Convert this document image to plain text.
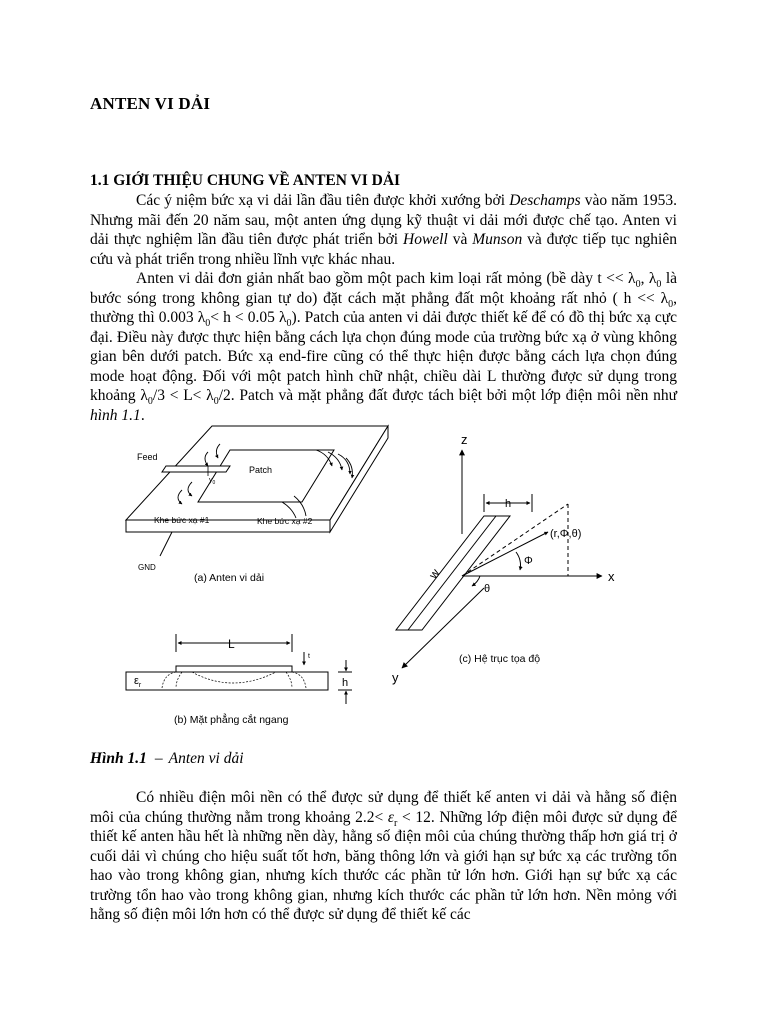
ANTEN VI DẢI
1.1 GIỚI THIỆU CHUNG VỀ ANTEN VI DẢI

Các ý niệm bức xạ vi dải lần đầu tiên được khởi xướng bởi Deschamps vào năm 1953. Nhưng mãi đến 20 năm sau, một anten ứng dụng kỹ thuật vi dải mới được chế tạo. Anten vi dải thực nghiệm lần đầu tiên được phát triển bởi Howell và Munson và được tiếp tục nghiên cứu và phát triển trong nhiều lĩnh vực khác nhau.

Anten vi dải đơn giản nhất bao gồm một pach kim loại rất mỏng (bề dày $t << \lambda_0$, $\lambda_0$ là bước sóng trong không gian tự do) đặt cách mặt phẳng đất một khoảng rất nhỏ ( $h << \lambda_0$, thường thì 0.003 $\lambda_0< h < 0.05$ $\lambda_0$). Patch của anten vi dải được thiết kế để có đồ thị bức xạ cực đại. Điều này được thực hiện bằng cách lựa chọn đúng mode của trường bức xạ ở vùng không gian bên dưới patch. Bức xạ end-fire cũng có thể thực hiện được bằng cách lựa chọn đúng mode hoạt động. Đối với một patch hình chữ nhật, chiều dài L thường được sử dụng trong khoảng $\lambda_0/3 < L< \lambda_0/2$. Patch và mặt phẳng đất được tách biệt bởi một lớp điện môi nền như hình 1.1.

Feed
Patch
$y_0$
Khe bức xạ #1	Khe bức xạ #2
GND
(a) Anten vi dải
L
t
$\varepsilon_r$	h
(b) Mặt phẳng cắt ngang
z
h
(r,Φ,θ)
w
Φ
θ
x
y
(c) Hệ trục tọa độ

Hình 1.1 – Anten vi dải

Có nhiều điện môi nền có thể được sử dụng để thiết kế anten vi dải và hằng số điện môi của chúng thường nằm trong khoảng $2.2< \varepsilon_r < 12$. Những lớp điện môi được sử dụng để thiết kế anten hầu hết là những nền dày, hằng số điện môi của chúng thường thấp hơn giá trị ở cuối dải vì chúng cho hiệu suất tốt hơn, băng thông lớn và giới hạn sự bức xạ các trường tổn hao vào trong không gian, nhưng kích thước các phần tử lớn hơn. Giới hạn sự bức xạ các trường tổn hao vào trong không gian, nhưng kích thước các phần tử lớn hơn. Nền mỏng với hằng số điện môi lớn hơn có thể được sử dụng để thiết kế các
